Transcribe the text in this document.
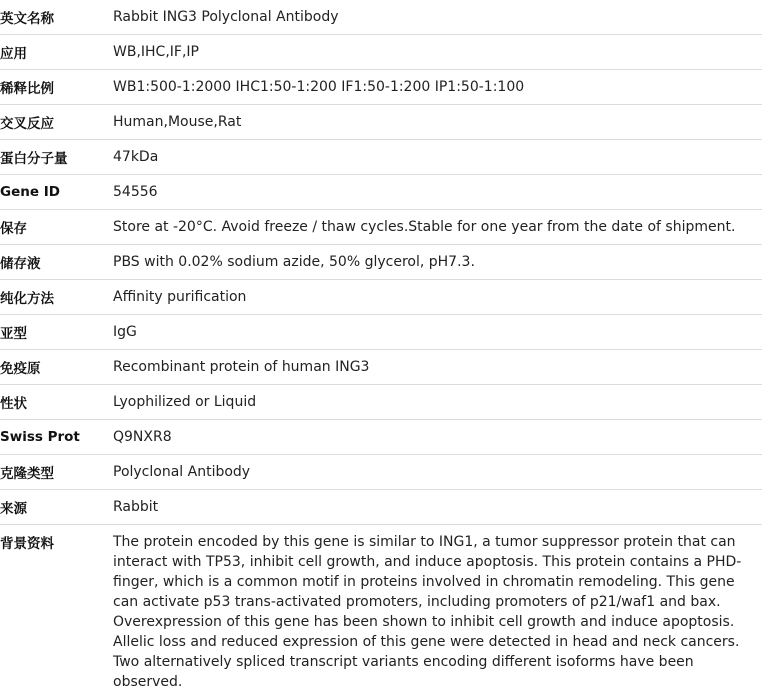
英文名称	Rabbit ING3 Polyclonal Antibody
应用	WB,IHC,IF,IP
稀释比例	WB1:500-1:2000 IHC1:50-1:200 IF1:50-1:200 IP1:50-1:100
交叉反应	Human,Mouse,Rat
蛋白分子量	47kDa
Gene ID	54556
保存	Store at -20°C. Avoid freeze / thaw cycles.Stable for one year from the date of shipment.
储存液	PBS with 0.02% sodium azide, 50% glycerol, pH7.3.
纯化方法	Affinity purification
亚型	IgG
免疫原	Recombinant protein of human ING3
性状	Lyophilized or Liquid
Swiss Prot	Q9NXR8
克隆类型	Polyclonal Antibody
来源	Rabbit
背景资料	The protein encoded by this gene is similar to ING1, a tumor suppressor protein that can interact with TP53, inhibit cell growth, and induce apoptosis. This protein contains a PHD-finger, which is a common motif in proteins involved in chromatin remodeling. This gene can activate p53 trans-activated promoters, including promoters of p21/waf1 and bax. Overexpression of this gene has been shown to inhibit cell growth and induce apoptosis. Allelic loss and reduced expression of this gene were detected in head and neck cancers. Two alternatively spliced transcript variants encoding different isoforms have been observed.
